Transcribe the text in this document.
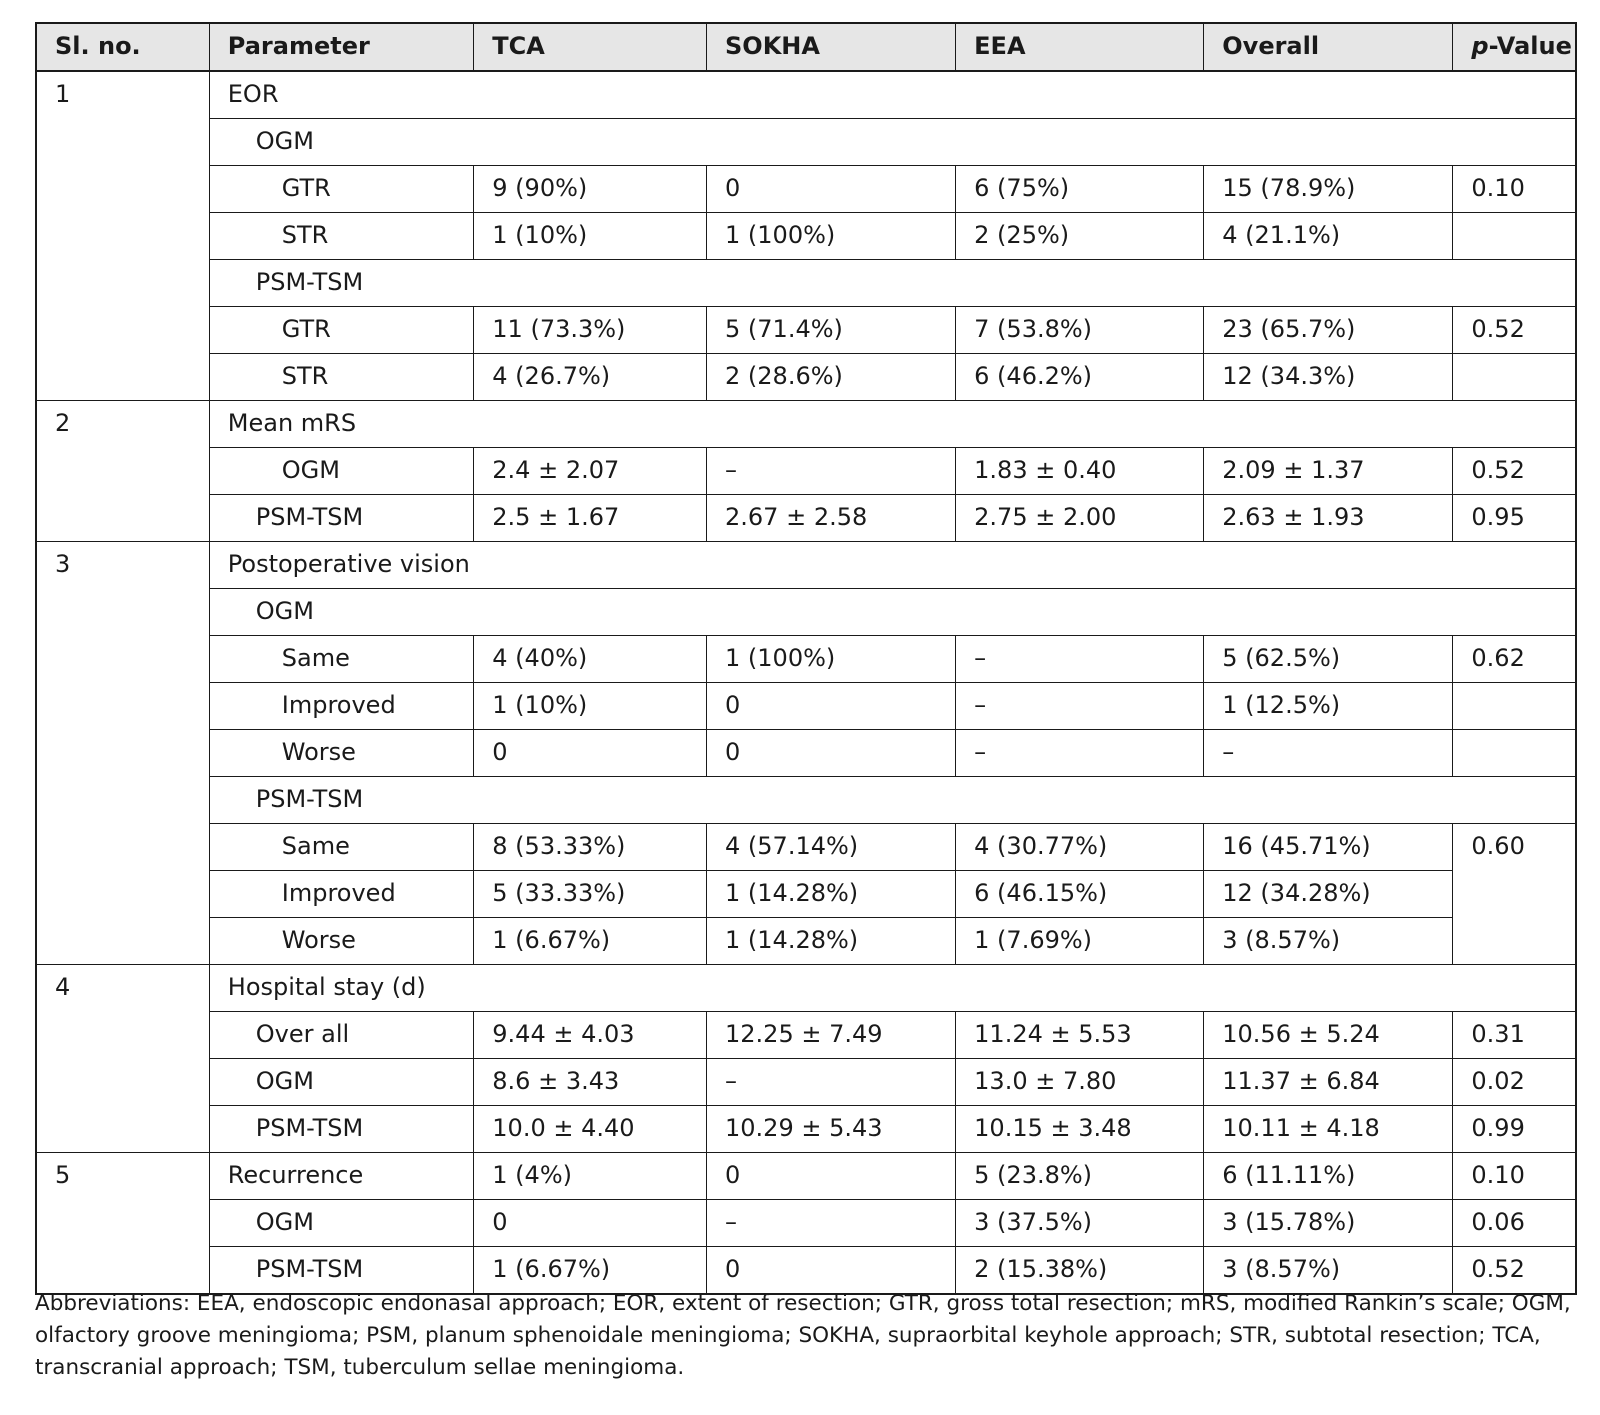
Sl. no.	Parameter	TCA	SOKHA	EEA	Overall	p-Value
1	EOR					
	OGM					
	GTR	9 (90%)	0	6 (75%)	15 (78.9%)	0.10
	STR	1 (10%)	1 (100%)	2 (25%)	4 (21.1%)	
	PSM-TSM					
	GTR	11 (73.3%)	5 (71.4%)	7 (53.8%)	23 (65.7%)	0.52
	STR	4 (26.7%)	2 (28.6%)	6 (46.2%)	12 (34.3%)	
2	Mean mRS					
	OGM	2.4 ± 2.07	–	1.83 ± 0.40	2.09 ± 1.37	0.52
	PSM-TSM	2.5 ± 1.67	2.67 ± 2.58	2.75 ± 2.00	2.63 ± 1.93	0.95
3	Postoperative vision					
	OGM					
	Same	4 (40%)	1 (100%)	–	5 (62.5%)	0.62
	Improved	1 (10%)	0	–	1 (12.5%)	
	Worse	0	0	–	–	
	PSM-TSM					
	Same	8 (53.33%)	4 (57.14%)	4 (30.77%)	16 (45.71%)	0.60
	Improved	5 (33.33%)	1 (14.28%)	6 (46.15%)	12 (34.28%)	
	Worse	1 (6.67%)	1 (14.28%)	1 (7.69%)	3 (8.57%)	
4	Hospital stay (d)					
	Over all	9.44 ± 4.03	12.25 ± 7.49	11.24 ± 5.53	10.56 ± 5.24	0.31
	OGM	8.6 ± 3.43	–	13.0 ± 7.80	11.37 ± 6.84	0.02
	PSM-TSM	10.0 ± 4.40	10.29 ± 5.43	10.15 ± 3.48	10.11 ± 4.18	0.99
5	Recurrence	1 (4%)	0	5 (23.8%)	6 (11.11%)	0.10
	OGM	0	–	3 (37.5%)	3 (15.78%)	0.06
	PSM-TSM	1 (6.67%)	0	2 (15.38%)	3 (8.57%)	0.52

Abbreviations: EEA, endoscopic endonasal approach; EOR, extent of resection; GTR, gross total resection; mRS, modified Rankin’s scale; OGM, olfactory groove meningioma; PSM, planum sphenoidale meningioma; SOKHA, supraorbital keyhole approach; STR, subtotal resection; TCA, transcranial approach; TSM, tuberculum sellae meningioma.
